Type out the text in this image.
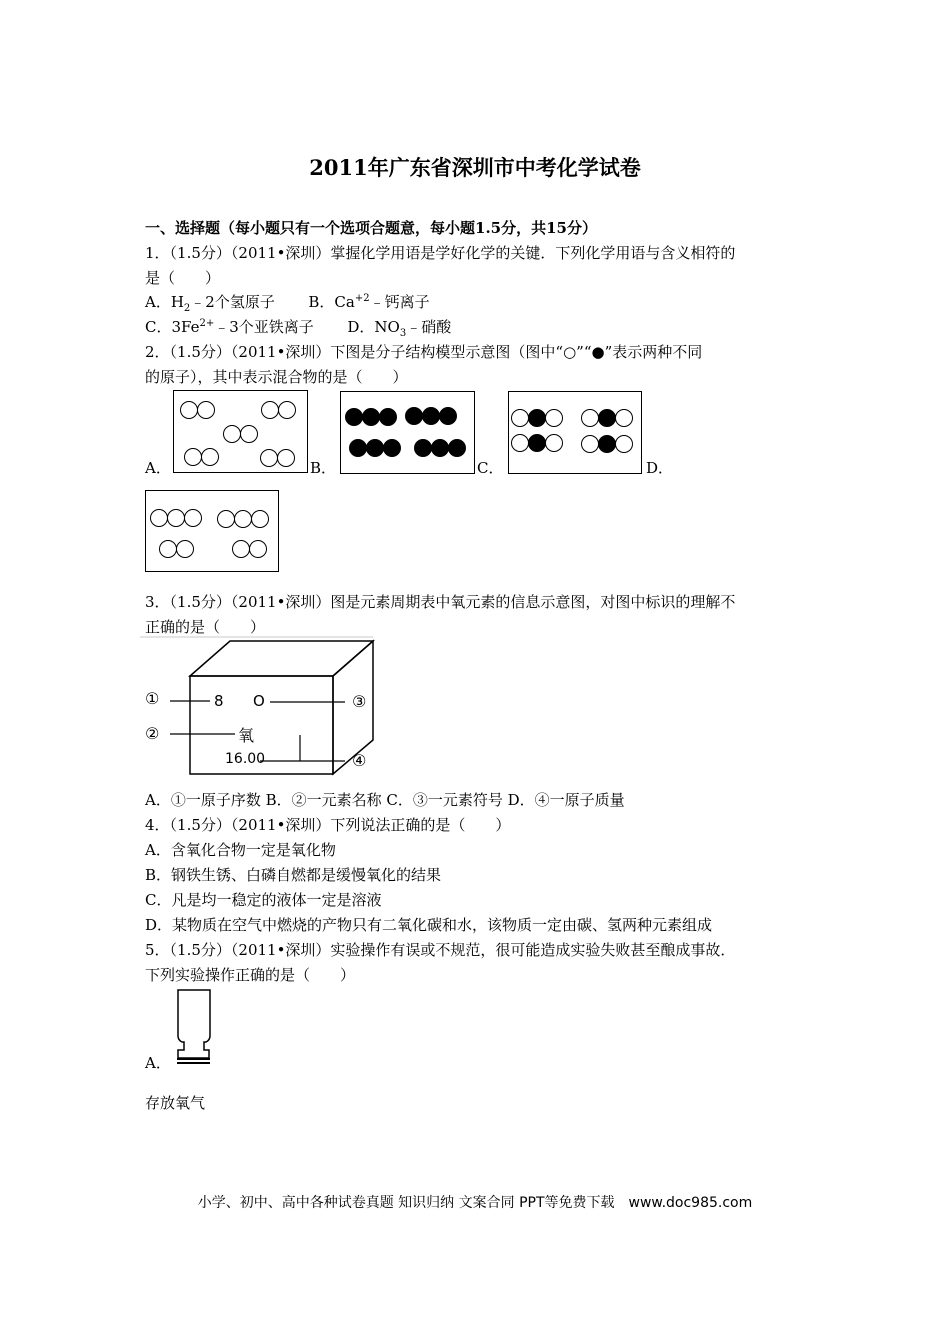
2011年广东省深圳市中考化学试卷
一、选择题（每小题只有一个选项合题意，每小题1.5分，共15分）
1．（1.5分）（2011•深圳）掌握化学用语是学好化学的关键．下列化学用语与含义相符的
是（　　）
A．$H_2﹣2$个氢原子 B．$Ca^{+2}﹣$钙离子
C．$3Fe^{2+}﹣3$个亚铁离子 D．$NO_3﹣$硝酸
2．（1.5分）（2011•深圳）下图是分子结构模型示意图（图中“○”“●”表示两种不同
的原子），其中表示混合物的是（　　）
A．	B．	C．	D．
3．（1.5分）（2011•深圳）图是元素周期表中氧元素的信息示意图，对图中标识的理解不
正确的是（　　）
①
②
③
④
8 O
氧
16.00
A．①一原子序数 B．②一元素名称 C．③一元素符号 D．④一原子质量
4．（1.5分）（2011•深圳）下列说法正确的是（　　）
A．含氧化合物一定是氧化物
B．钢铁生锈、白磷自燃都是缓慢氧化的结果
C．凡是均一稳定的液体一定是溶液
D．某物质在空气中燃烧的产物只有二氧化碳和水，该物质一定由碳、氢两种元素组成
5．（1.5分）（2011•深圳）实验操作有误或不规范，很可能造成实验失败甚至酿成事故．
下列实验操作正确的是（　　）
A．
存放氧气
小学、初中、高中各种试卷真题 知识归纳 文案合同 PPT等免费下载　www.doc985.com
